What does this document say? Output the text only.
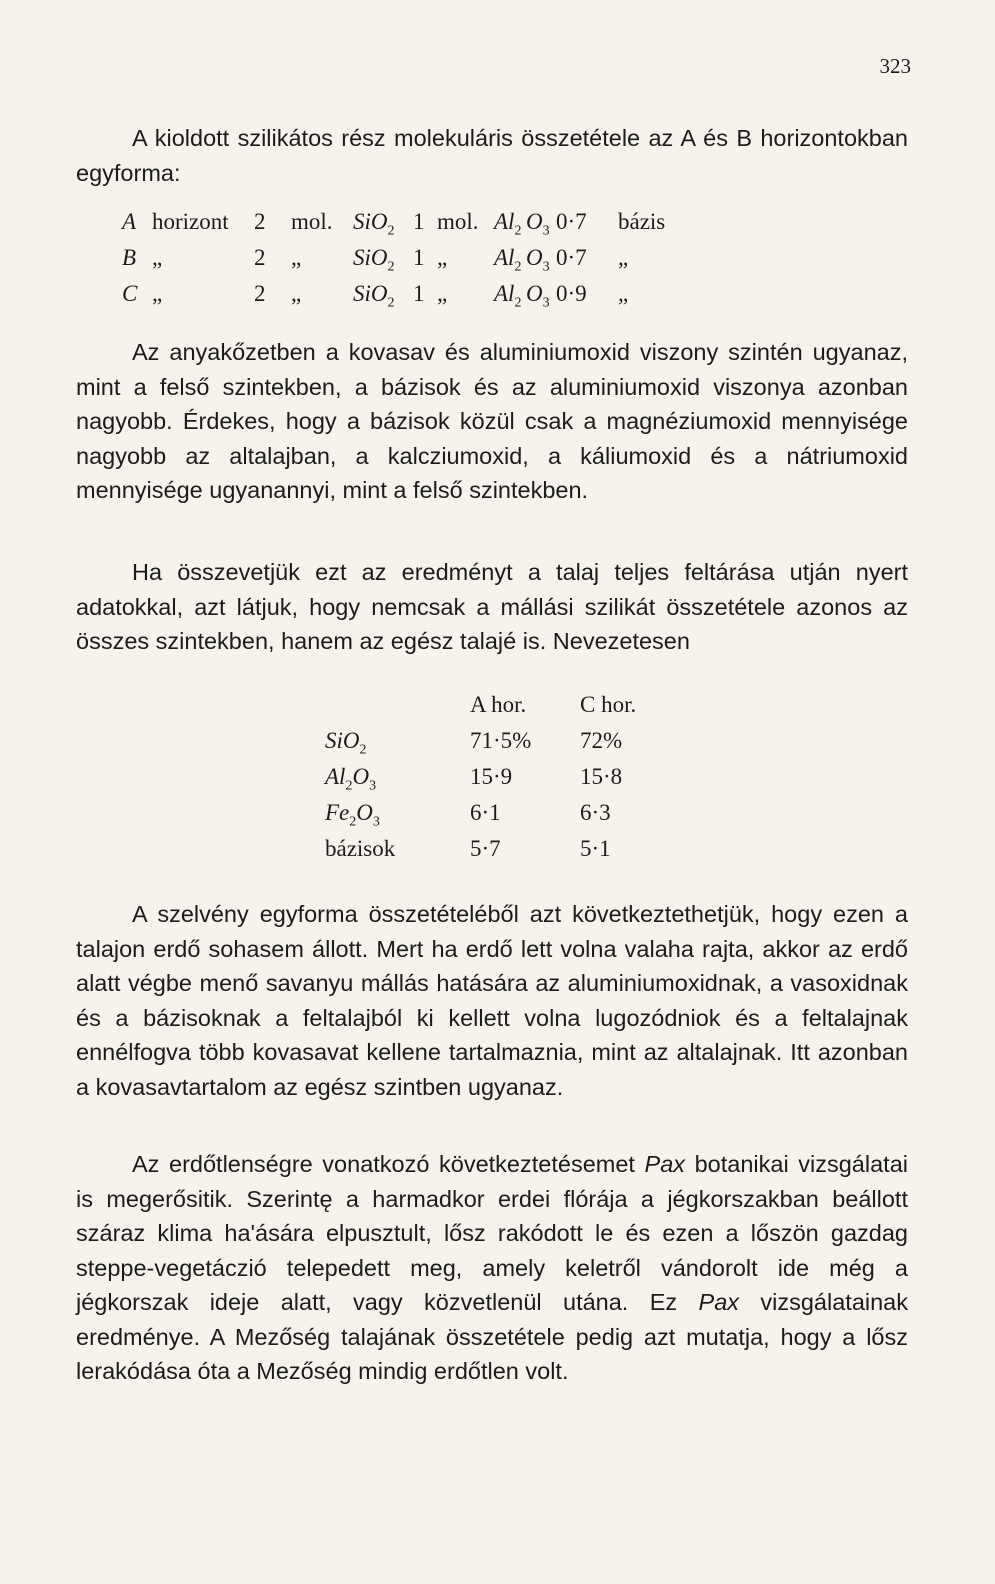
323

A kioldott szilikátos rész molekuláris összetétele az A és B horizontokban egyforma:

A	horizont	2	mol.	SiO$_2$	1	mol.	$Al_2$	$O_3$	0·7	bázis
B	„	2	„	SiO$_2$	1	„	$Al_2$	$O_3$	0·7	„
C	„	2	„	SiO$_2$	1	„	$Al_2$	$O_3$	0·9	„

Az anyakőzetben a kovasav és aluminiumoxid viszony szintén ugyanaz, mint a felső szintekben, a bázisok és az aluminiumoxid viszonya azonban nagyobb. Érdekes, hogy a bázisok közül csak a magnéziumoxid mennyisége nagyobb az altalajban, a kalcziumoxid, a káliumoxid és a nátriumoxid mennyisége ugyanannyi, mint a felső szintekben.

Ha összevetjük ezt az eredményt a talaj teljes feltárása utján nyert adatokkal, azt látjuk, hogy nemcsak a mállási szilikát összetétele azonos az összes szintekben, hanem az egész talajé is. Nevezetesen

	A hor.	C hor.
SiO$_2$	71·5%	72%
$Al_2O_3$	15·9	15·8
$Fe_2O_3$	6·1	6·3
bázisok	5·7	5·1

A szelvény egyforma összetételéből azt következtethetjük, hogy ezen a talajon erdő sohasem állott. Mert ha erdő lett volna valaha rajta, akkor az erdő alatt végbe menő savanyu mállás hatására az aluminiumoxidnak, a vasoxidnak és a bázisoknak a feltalajból ki kellett volna lugozódniok és a feltalajnak ennélfogva több kovasavat kellene tartalmaznia, mint az altalajnak. Itt azonban a kovasavtartalom az egész szintben ugyanaz.

Az erdőtlenségre vonatkozó következtetésemet Pax botanikai vizsgálatai is megerősitik. Szerintę a harmadkor erdei flórája a jégkorszakban beállott száraz klima ha'ására elpusztult, lősz rakódott le és ezen a lőszön gazdag steppe-vegetáczió telepedett meg, amely keletről vándorolt ide még a jégkorszak ideje alatt, vagy közvetlenül utána. Ez Pax vizsgálatainak eredménye. A Mezőség talajának összetétele pedig azt mutatja, hogy a lősz lerakódása óta a Mezőség mindig erdőtlen volt.
